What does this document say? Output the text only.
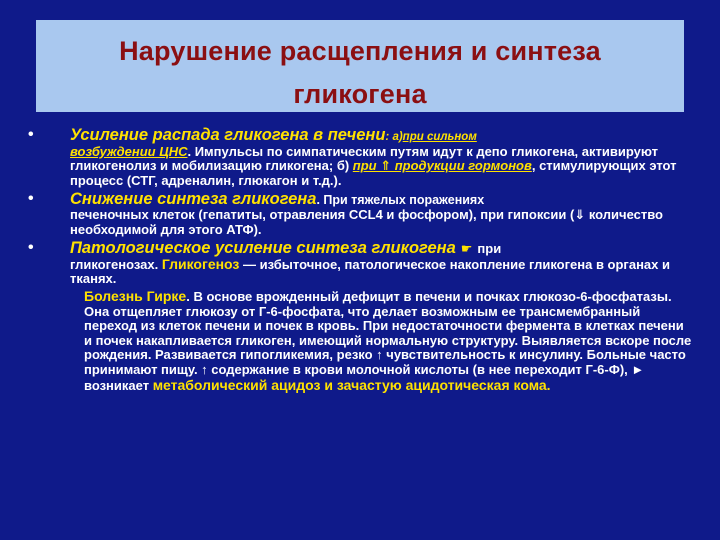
Нарушение расщепления и синтеза
гликогена
• Усиление распада гликогена в печени : а) при сильном
возбуждении ЦНС. Импульсы по симпатическим путям идут к депо гликогена, активируют гликогенолиз и мобилизацию гликогена; б) при ⇑ продукции гормонов, стимулирующих этот процесс (СТГ, адреналин, глюкагон и т.д.).
• Снижение синтеза гликогена . При тяжелых поражениях
печеночных клеток (гепатиты, отравления CCL4 и фосфором), при гипоксии (⇓ количество необходимой для этого АТФ).
• Патологическое усиление синтеза гликогена ☛ при
гликогенозах. Гликогеноз — избыточное, патологическое накопление гликогена в органах и тканях.
Болезнь Гирке. В основе врожденный дефицит в печени и почках глюкозо-6-фосфатазы. Она отщепляет глюкозу от Г-6-фосфата, что делает возможным ее трансмембранный переход из клеток печени и почек в кровь. При недостаточности фермента в клетках печени и почек накапливается гликоген, имеющий нормальную структуру. Выявляется вскоре после рождения. Развивается гипогликемия, резко ↑ чувствительность к инсулину. Больные часто принимают пищу. ↑ содержание в крови молочной кислоты (в нее переходит Г-6-Ф), ► возникает метаболический ацидоз и зачастую ацидотическая кома.
